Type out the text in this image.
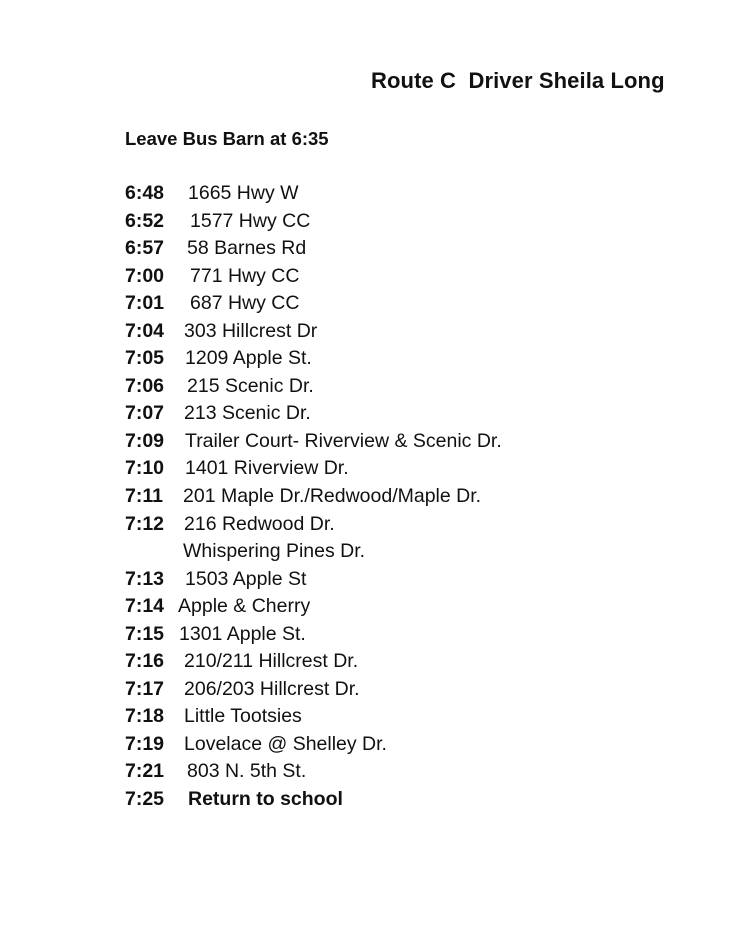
Route C  Driver Sheila Long
Leave Bus Barn at 6:35
6:48 1665 Hwy W
6:52 1577 Hwy CC
6:57 58 Barnes Rd
7:00 771 Hwy CC
7:01 687 Hwy CC
7:04 303 Hillcrest Dr
7:05 1209 Apple St.
7:06 215 Scenic Dr.
7:07 213 Scenic Dr.
7:09 Trailer Court- Riverview & Scenic Dr.
7:10 1401 Riverview Dr.
7:11 201 Maple Dr./Redwood/Maple Dr.
7:12 216 Redwood Dr.
Whispering Pines Dr.
7:13 1503 Apple St
7:14 Apple & Cherry
7:15 1301 Apple St.
7:16 210/211 Hillcrest Dr.
7:17 206/203 Hillcrest Dr.
7:18 Little Tootsies
7:19 Lovelace @ Shelley Dr.
7:21 803 N. 5th St.
7:25 Return to school
